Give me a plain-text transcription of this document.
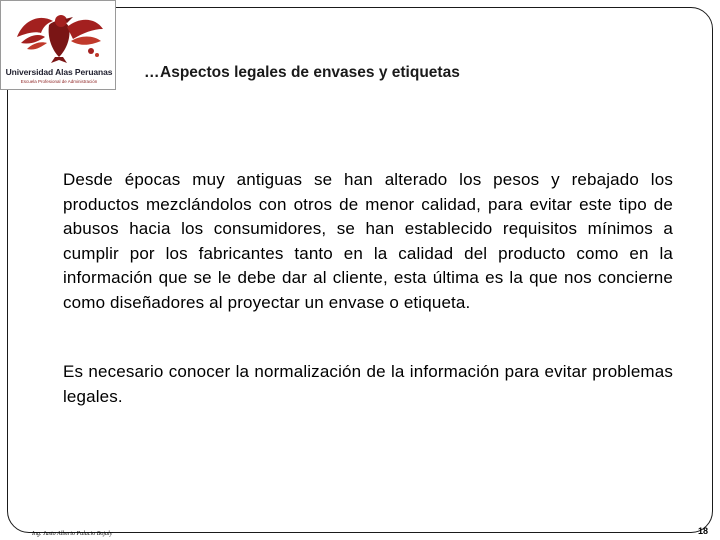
Universidad Alas Peruanas
Escuela Profesional de Administración
…Aspectos legales de envases y etiquetas
Desde épocas muy antiguas se han alterado los pesos y rebajado los productos mezclándolos con otros de menor calidad, para evitar este tipo de abusos hacia los consumidores, se han establecido requisitos mínimos a cumplir por los fabricantes tanto en la calidad del producto como en la información que se le debe dar al cliente, esta última es la que nos concierne como diseñadores al proyectar un envase o etiqueta.
Es necesario conocer la normalización de la información para evitar problemas legales.
Ing. Justo Alberto Palacio Bojaly	18
